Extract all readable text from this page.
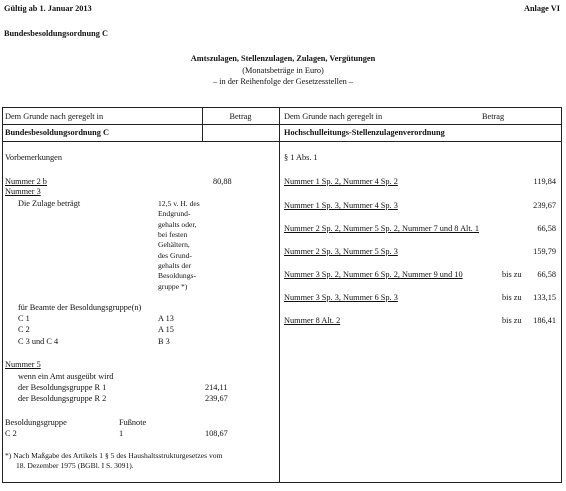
Gültig ab 1. Januar 2013	Anlage VI
Bundesbesoldungsordnung C
Amtszulagen, Stellenzulagen, Zulagen, Vergütungen
(Monatsbeträge in Euro)
– in der Reihenfolge der Gesetzesstellen –
Dem Grunde nach geregelt in	Betrag	Dem Grunde nach geregelt in	Betrag
Bundesbesoldungsordnung C
Vorbemerkungen
Nummer 2 b	80,88
Nummer 3
Die Zulage beträgt	12,5 v. H. des
Endgrund-
gehalts oder,
bei festen
Gehältern,
des Grund-
gehalts der
Besoldungs-
gruppe *)
für Beamte der Besoldungsgruppe(n)
C 1	A 13
C 2	A 15
C 3 und C 4	B 3
Nummer 5
wenn ein Amt ausgeübt wird
der Besoldungsgruppe R 1	214,11
der Besoldungsgruppe R 2	239,67
Besoldungsgruppe	Fußnote
C 2	1	108,67
*) Nach Maßgabe des Artikels 1 § 5 des Haushaltsstrukturgesetzes vom
18. Dezember 1975 (BGBl. I S. 3091).
Hochschulleitungs-Stellenzulagenverordnung
§ 1 Abs. 1
Nummer 1 Sp. 2, Nummer 4 Sp. 2	119,84
Nummer 1 Sp. 3, Nummer 4 Sp. 3	239,67
Nummer 2 Sp. 2, Nummer 5 Sp. 2, Nummer 7 und 8 Alt. 1	66,58
Nummer 2 Sp. 3, Nummer 5 Sp. 3	159,79
Nummer 3 Sp. 2, Nummer 6 Sp. 2, Nummer 9 und 10	bis zu 66,58
Nummer 3 Sp. 3, Nummer 6 Sp. 3	bis zu 133,15
Nummer 8 Alt. 2	bis zu 186,41
